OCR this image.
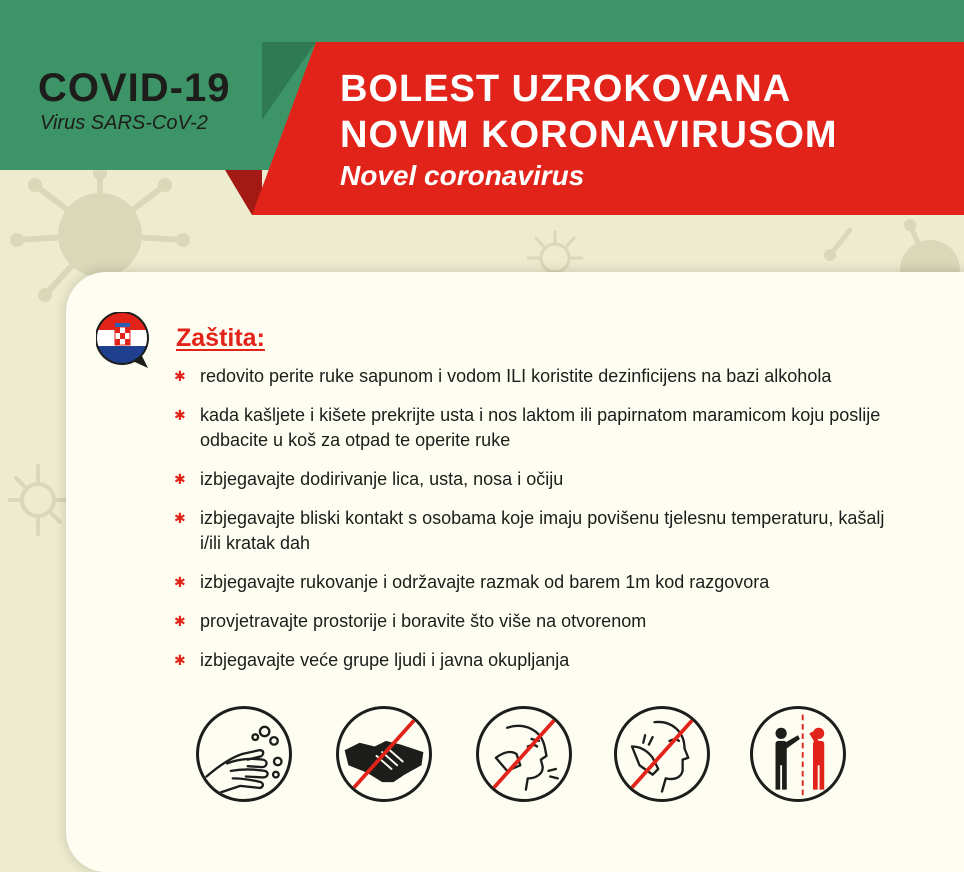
COVID-19
Virus SARS-CoV-2
BOLEST UZROKOVANA
NOVIM KORONAVIRUSOM
Novel coronavirus
Zaštita:
✱ redovito perite ruke sapunom i vodom ILI koristite dezinficijens na bazi alkohola
✱ kada kašljete i kišete prekrijte usta i nos laktom ili papirnatom maramicom koju poslije odbacite u koš za otpad te operite ruke
✱ izbjegavajte dodirivanje lica, usta, nosa i očiju
✱ izbjegavajte bliski kontakt s osobama koje imaju povišenu tjelesnu temperaturu, kašalj i/ili kratak dah
✱ izbjegavajte rukovanje i održavajte razmak od barem 1m kod razgovora
✱ provjetravajte prostorije i boravite što više na otvorenom
✱ izbjegavajte veće grupe ljudi i javna okupljanja
